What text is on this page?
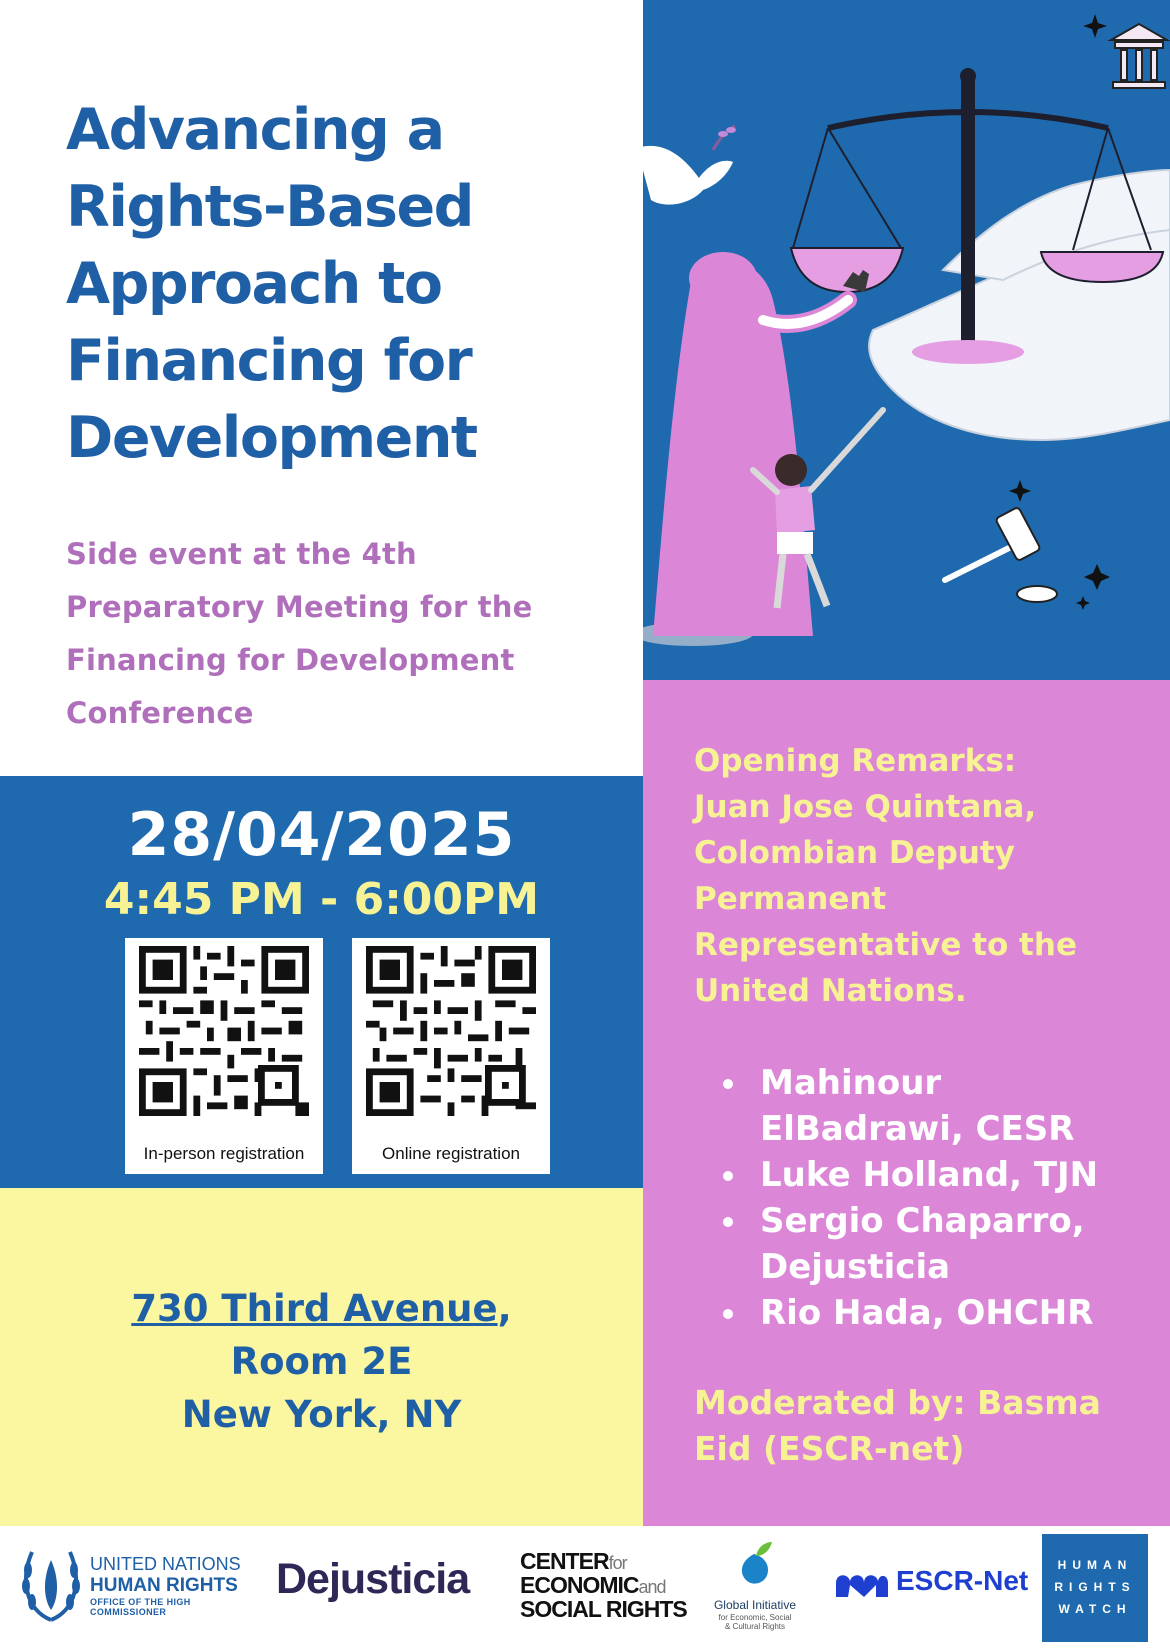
Advancing a
Rights-Based
Approach to
Financing for
Development
Side event at the 4th
Preparatory Meeting for the
Financing for Development
Conference
28/04/2025
4:45 PM - 6:00PM
In-person registration	Online registration
730 Third Avenue,
Room 2E
New York, NY
Opening Remarks:
Juan Jose Quintana,
Colombian Deputy
Permanent
Representative to the
United Nations.
Mahinour
ElBadrawi, CESR
Luke Holland, TJN
Sergio Chaparro,
Dejusticia
Rio Hada, OHCHR
Moderated by: Basma
Eid (ESCR-net)
UNITED NATIONS
HUMAN RIGHTS
OFFICE OF THE HIGH COMMISSIONER
Dejusticia CENTERfor
ECONOMICand
SOCIAL RIGHTS	Global Initiative
for Economic, Social
& Cultural Rights
ESCR-Net	HUMAN
RIGHTS
WATCH
